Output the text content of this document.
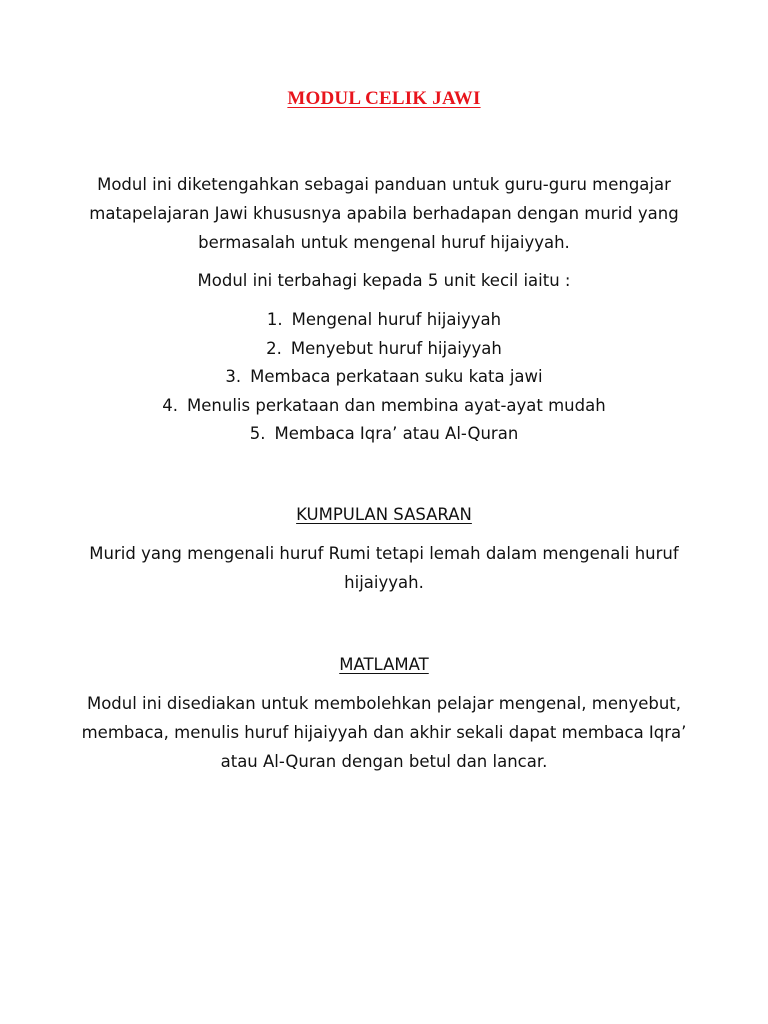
MODUL CELIK JAWI

Modul ini diketengahkan sebagai panduan untuk guru-guru mengajar matapelajaran Jawi khususnya apabila berhadapan dengan murid yang bermasalah untuk mengenal huruf hijaiyyah.

Modul ini terbahagi kepada 5 unit kecil iaitu :

1. Mengenal huruf hijaiyyah
2. Menyebut huruf hijaiyyah
3. Membaca perkataan suku kata jawi
4. Menulis perkataan dan membina ayat-ayat mudah
5. Membaca Iqra’ atau Al-Quran
KUMPULAN SASARAN

Murid yang mengenali huruf Rumi tetapi lemah dalam mengenali huruf hijaiyyah.

MATLAMAT

Modul ini disediakan untuk membolehkan pelajar mengenal, menyebut, membaca, menulis huruf hijaiyyah dan akhir sekali dapat membaca Iqra’ atau Al-Quran dengan betul dan lancar.
